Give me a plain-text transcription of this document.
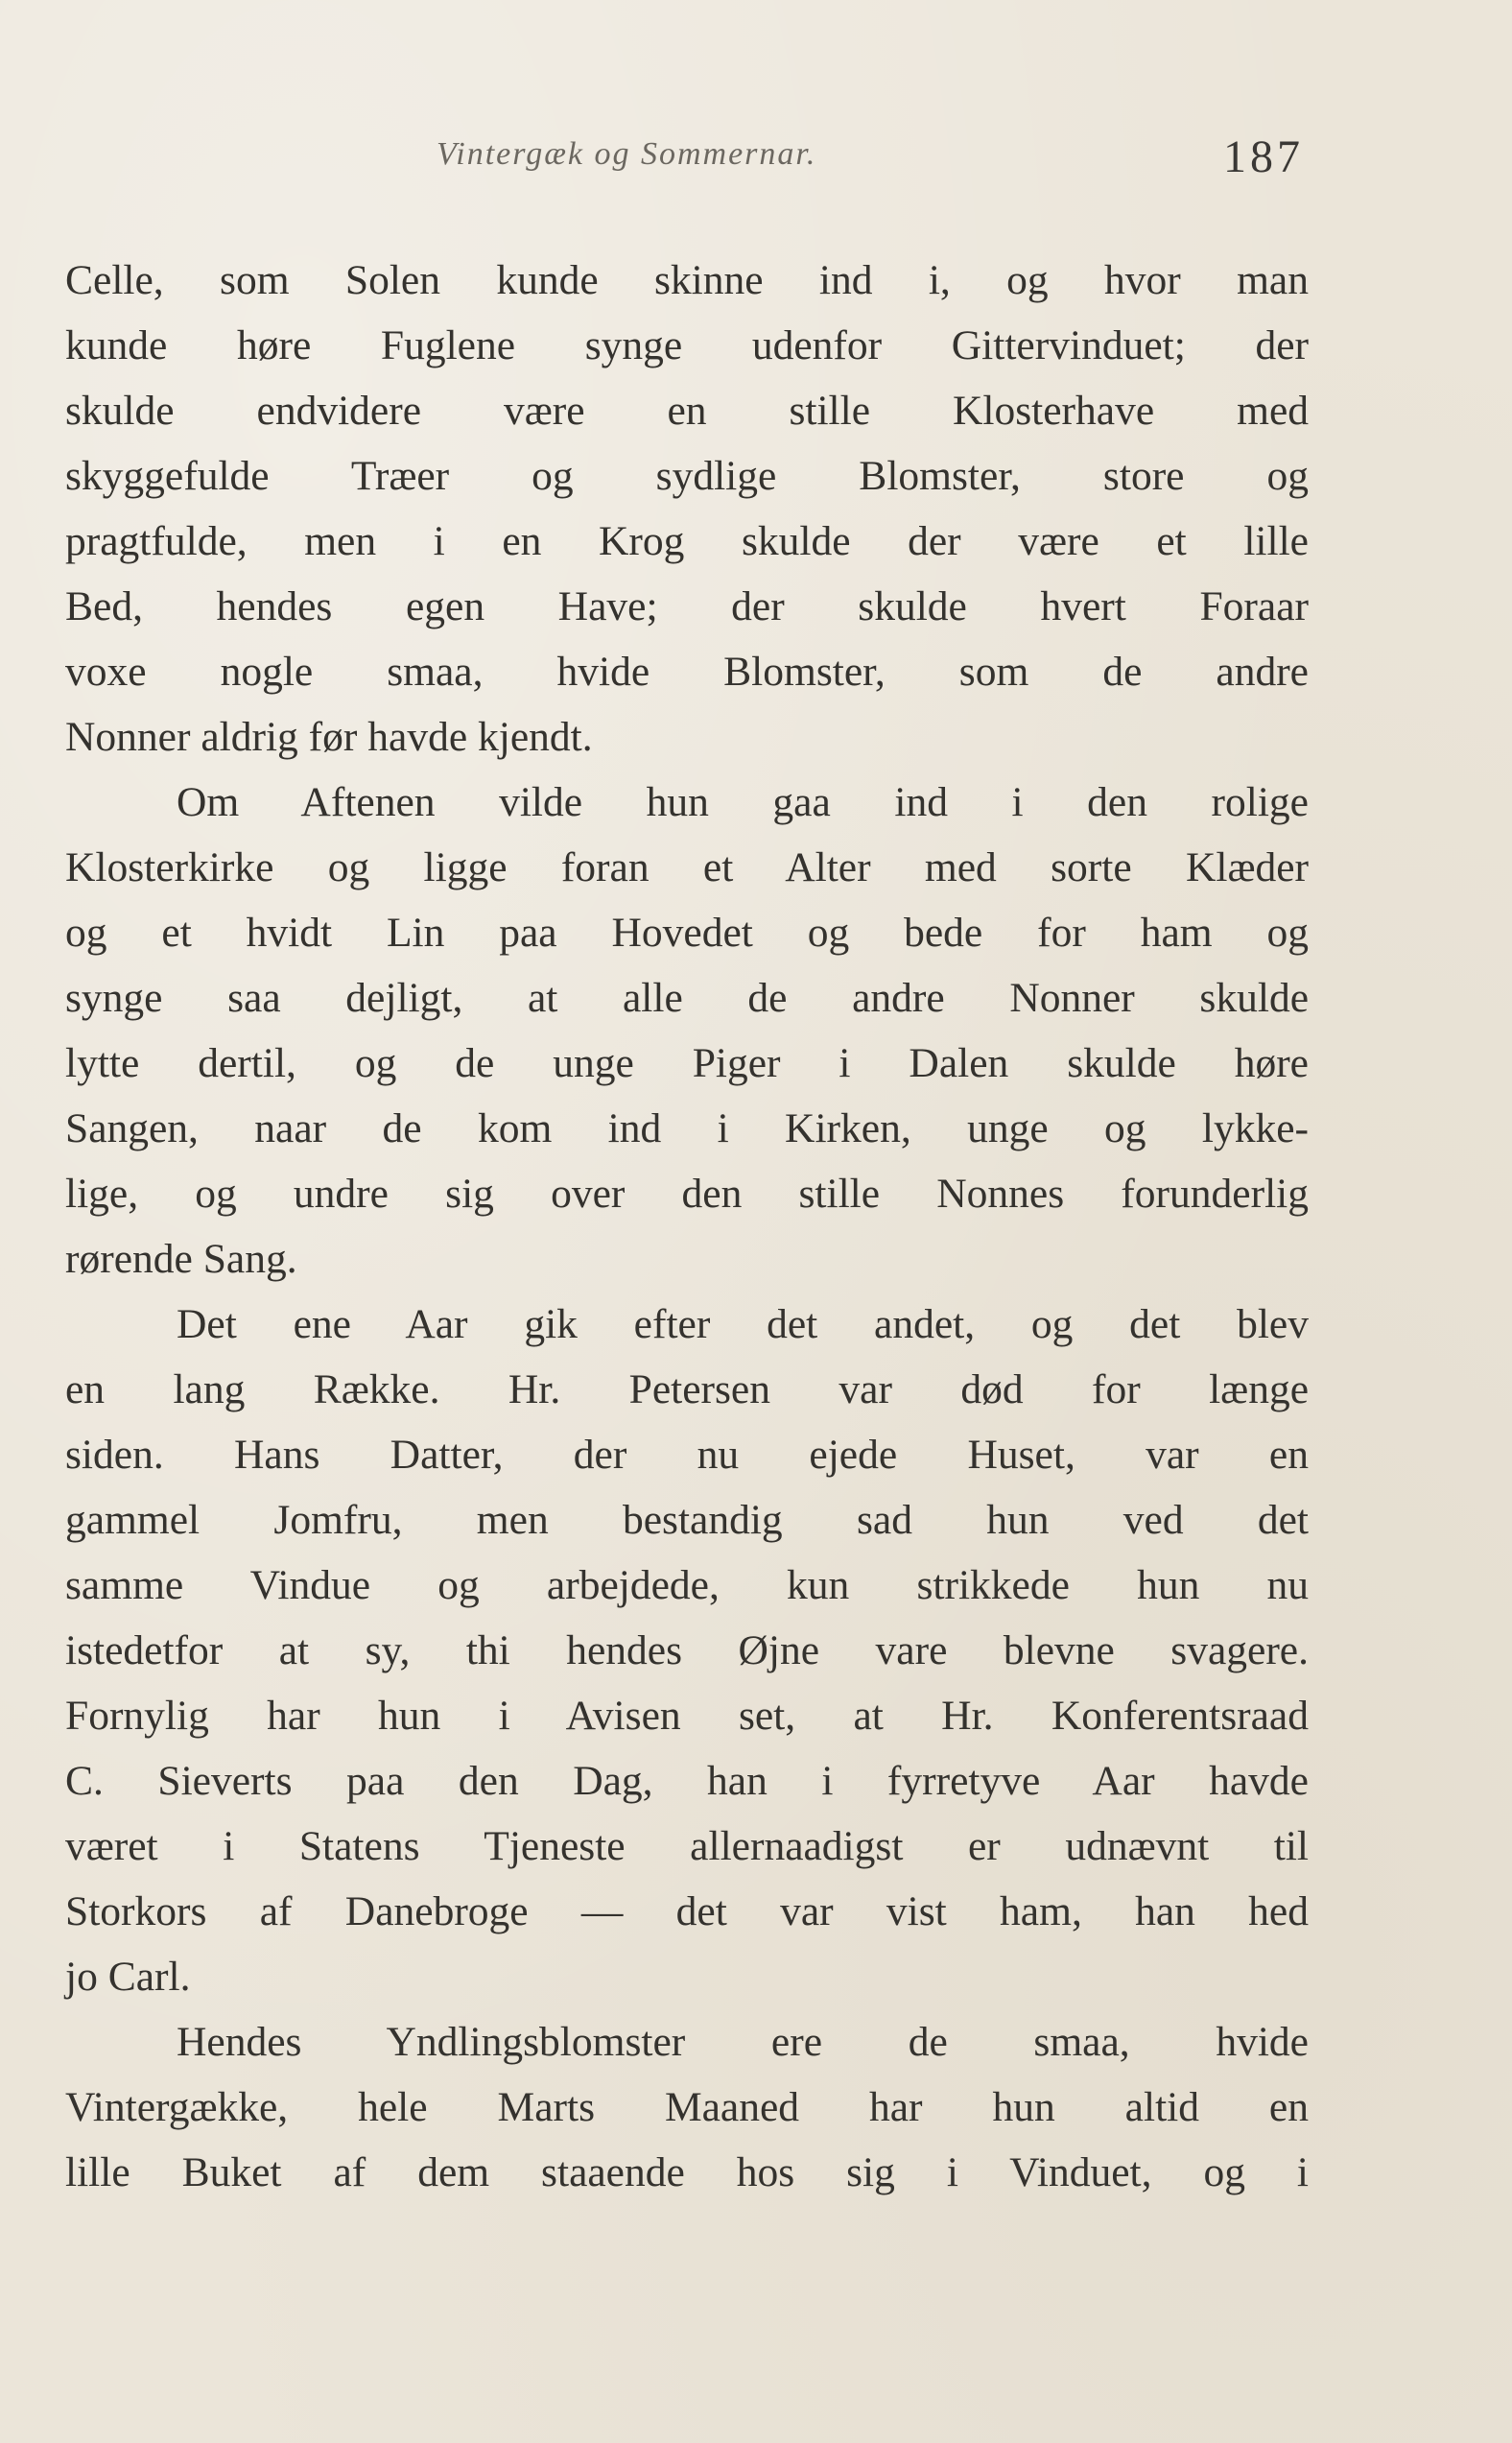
Vintergæk og Sommernar.	187
Celle, som Solen kunde skinne ind i, og hvor man
kunde høre Fuglene synge udenfor Gittervinduet; der
skulde endvidere være en stille Klosterhave med
skyggefulde Træer og sydlige Blomster, store og
pragtfulde, men i en Krog skulde der være et lille
Bed, hendes egen Have; der skulde hvert Foraar
voxe nogle smaa, hvide Blomster, som de andre
Nonner aldrig før havde kjendt.
Om Aftenen vilde hun gaa ind i den rolige
Klosterkirke og ligge foran et Alter med sorte Klæder
og et hvidt Lin paa Hovedet og bede for ham og
synge saa dejligt, at alle de andre Nonner skulde
lytte dertil, og de unge Piger i Dalen skulde høre
Sangen, naar de kom ind i Kirken, unge og lykke-
lige, og undre sig over den stille Nonnes forunderlig
rørende Sang.
Det ene Aar gik efter det andet, og det blev
en lang Række. Hr. Petersen var død for længe
siden. Hans Datter, der nu ejede Huset, var en
gammel Jomfru, men bestandig sad hun ved det
samme Vindue og arbejdede, kun strikkede hun nu
istedetfor at sy, thi hendes Øjne vare blevne svagere.
Fornylig har hun i Avisen set, at Hr. Konferentsraad
C. Sieverts paa den Dag, han i fyrretyve Aar havde
været i Statens Tjeneste allernaadigst er udnævnt til
Storkors af Danebroge — det var vist ham, han hed
jo Carl.
Hendes Yndlingsblomster ere de smaa, hvide
Vintergække, hele Marts Maaned har hun altid en
lille Buket af dem staaende hos sig i Vinduet, og i
